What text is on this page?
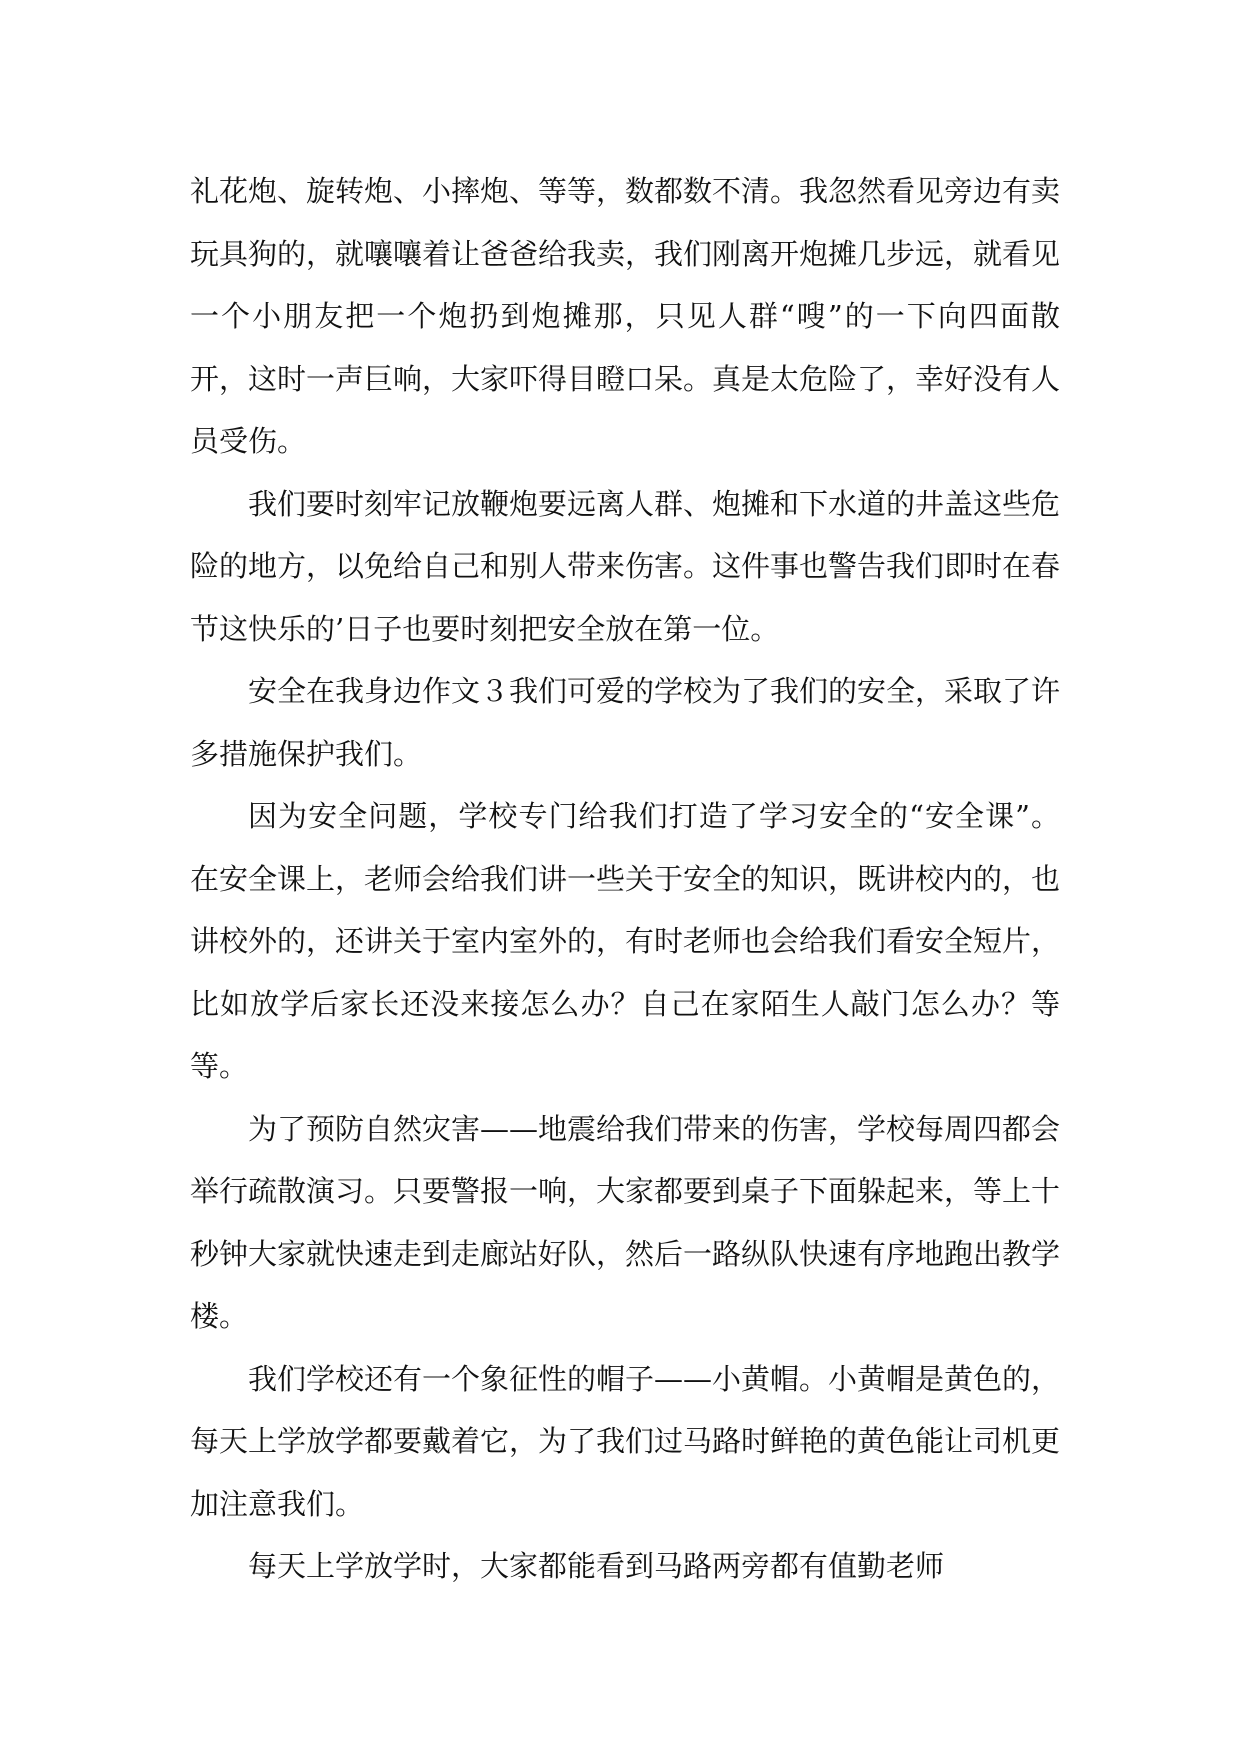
礼花炮、旋转炮、小摔炮、等等，数都数不清。我忽然看见旁边有卖玩具狗的，就嚷嚷着让爸爸给我卖，我们刚离开炮摊几步远，就看见一个小朋友把一个炮扔到炮摊那，只见人群“嗖”的一下向四面散开，这时一声巨响，大家吓得目瞪口呆。真是太危险了，幸好没有人员受伤。

我们要时刻牢记放鞭炮要远离人群、炮摊和下水道的井盖这些危险的地方，以免给自己和别人带来伤害。这件事也警告我们即时在春节这快乐的’日子也要时刻把安全放在第一位。

安全在我身边作文３我们可爱的学校为了我们的安全，采取了许多措施保护我们。

因为安全问题，学校专门给我们打造了学习安全的“安全课”。在安全课上，老师会给我们讲一些关于安全的知识，既讲校内的，也讲校外的，还讲关于室内室外的，有时老师也会给我们看安全短片，比如放学后家长还没来接怎么办？自己在家陌生人敲门怎么办？等等。

为了预防自然灾害——地震给我们带来的伤害，学校每周四都会举行疏散演习。只要警报一响，大家都要到桌子下面躲起来，等上十秒钟大家就快速走到走廊站好队，然后一路纵队快速有序地跑出教学楼。

我们学校还有一个象征性的帽子——小黄帽。小黄帽是黄色的，每天上学放学都要戴着它，为了我们过马路时鲜艳的黄色能让司机更加注意我们。

每天上学放学时，大家都能看到马路两旁都有值勤老师
